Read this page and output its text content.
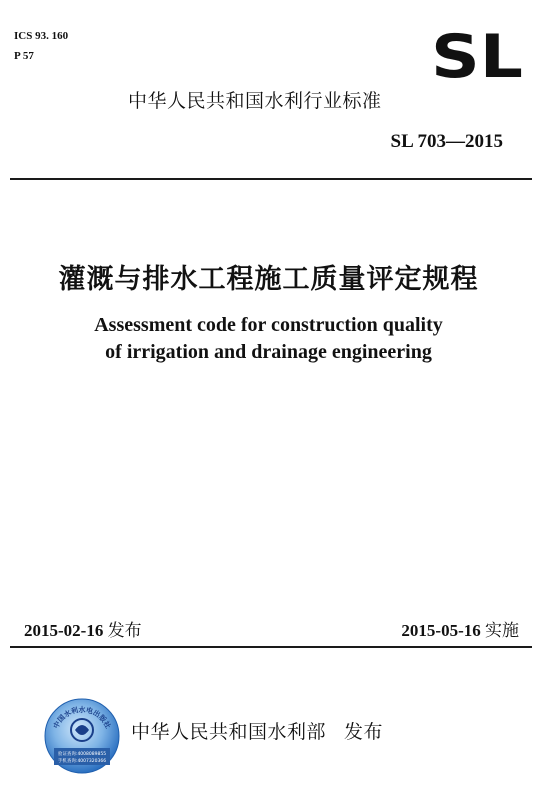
ICS 93. 160
P 57	SL
中华人民共和国水利行业标准
SL 703—2015
灌溉与排水工程施工质量评定规程
Assessment code for construction quality
of irrigation and drainage engineering
2015-02-16 发布	2015-05-16 实施
中国水利水电出版社
验证查询:4008089855
手机查询:4007320366
中华人民共和国水利部 发布
